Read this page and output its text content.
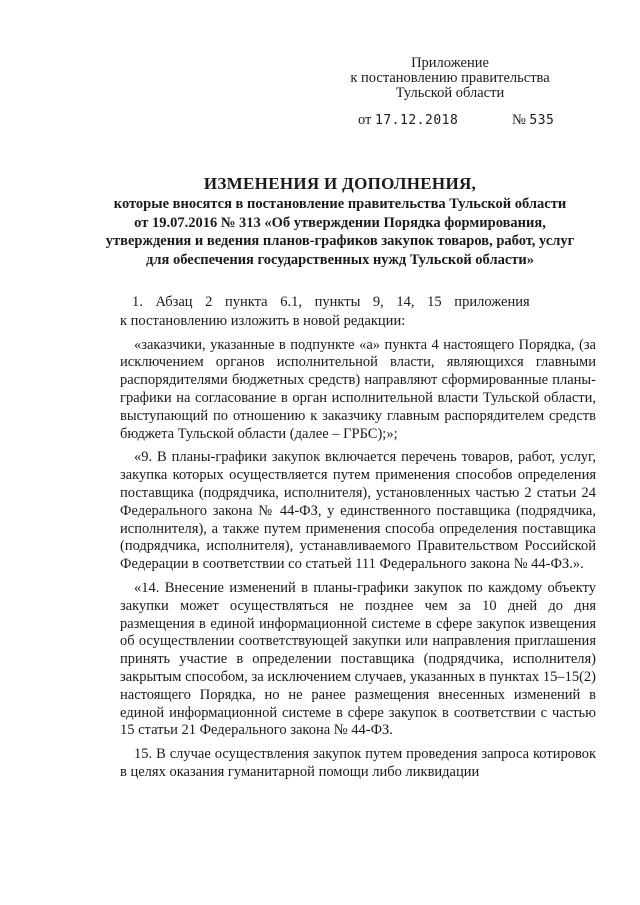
Приложение
к постановлению правительства
Тульской области
от 17.12.2018	№ 535
ИЗМЕНЕНИЯ И ДОПОЛНЕНИЯ,
которые вносятся в постановление правительства Тульской области
от 19.07.2016 № 313 «Об утверждении Порядка формирования,
утверждения и ведения планов-графиков закупок товаров, работ, услуг
для обеспечения государственных нужд Тульской области»

1. Абзац 2 пункта 6.1, пункты 9, 14, 15 приложения

к постановлению изложить в новой редакции:

«заказчики, указанные в подпункте «а» пункта 4 настоящего Порядка, (за исключением органов исполнительной власти, являющихся главными распорядителями бюджетных средств) направляют сформированные планы-графики на согласование в орган исполнительной власти Тульской области, выступающий по отношению к заказчику главным распорядителем средств бюджета Тульской области (далее – ГРБС);»;

«9. В планы-графики закупок включается перечень товаров, работ, услуг, закупка которых осуществляется путем применения способов определения поставщика (подрядчика, исполнителя), установленных частью 2 статьи 24 Федерального закона № 44-ФЗ, у единственного поставщика (подрядчика, исполнителя), а также путем применения способа определения поставщика (подрядчика, исполнителя), устанавливаемого Правительством Российской Федерации в соответствии со статьей 111 Федерального закона № 44-ФЗ.».

«14. Внесение изменений в планы-графики закупок по каждому объекту закупки может осуществляться не позднее чем за 10 дней до дня размещения в единой информационной системе в сфере закупок извещения об осуществлении соответствующей закупки или направления приглашения принять участие в определении поставщика (подрядчика, исполнителя) закрытым способом, за исключением случаев, указанных в пунктах 15–15(2) настоящего Порядка, но не ранее размещения внесенных изменений в единой информационной системе в сфере закупок в соответствии с частью 15 статьи 21 Федерального закона № 44-ФЗ.

15. В случае осуществления закупок путем проведения запроса котировок в целях оказания гуманитарной помощи либо ликвидации
